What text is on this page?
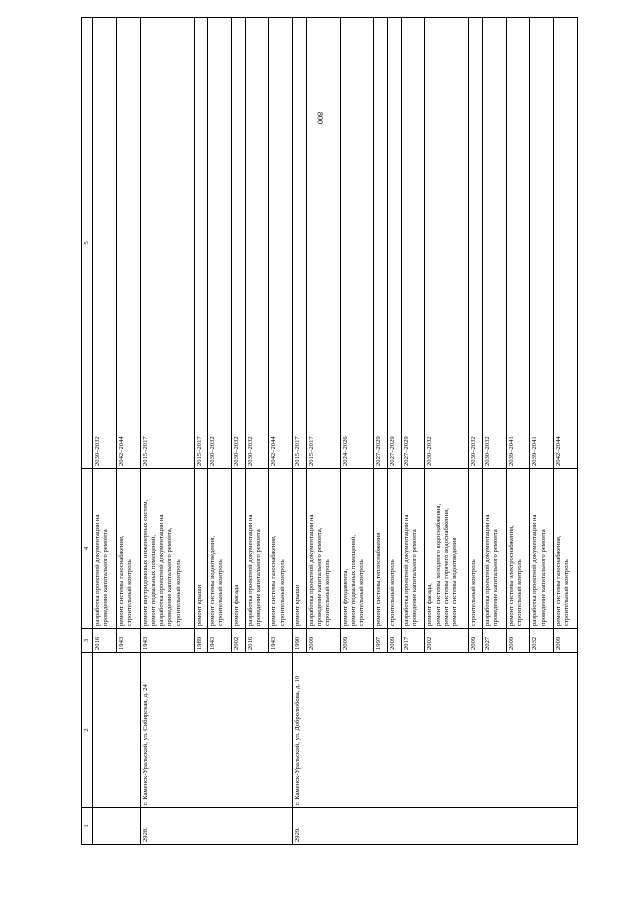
800
1	2	3	4	5
		2016	разработка проектной документации на
проведение капитального ремонта	2030–2032
		1943	ремонт системы газоснабжения,
строительный контроль	2042–2044
2928.	г. Каменск-Уральский, ул. Сибирская, д. 24	1943	ремонт внутридомовых инженерных систем,
ремонт подвальных помещений,
разработка проектной документации на
проведение капитального ремонта,
строительный контроль	2015–2017
		1989	ремонт крыши	2015–2017
		1943	ремонт системы водоотведения,
строительный контроль	2030–2032
		2002	ремонт фасада	2030–2032
		2016	разработка проектной документации на
проведение капитального ремонта	2030–2032
		1943	ремонт системы газоснабжения,
строительный контроль	2042–2044
2929.	г. Каменск-Уральский, ул. Добролюбова, д. 10	1990	ремонт крыши	2015–2017
		2009	разработка проектной документации на
проведение капитального ремонта,
строительный контроль	2015–2017
		2009	ремонт фундамента,
ремонт подвальных помещений,
строительный контроль	2024–2026
		1997	ремонт системы теплоснабжения	2027–2029
		2009	строительный контроль	2027–2029
		2017	разработка проектной документации на
проведение капитального ремонта	2027–2029
		2002	ремонт фасада,
ремонт системы холодного водоснабжения,
ремонт системы горячего водоснабжения,
ремонт системы водоотведения	2030–2032
		2009	строительный контроль	2030–2032
		2027	разработка проектной документации на
проведение капитального ремонта	2030–2032
		2009	ремонт системы электроснабжения,
строительный контроль	2039–2041
		2032	разработка проектной документации на
проведение капитального ремонта	2039–2041
		2009	ремонт системы газоснабжения,
строительный контроль	2042–2044
